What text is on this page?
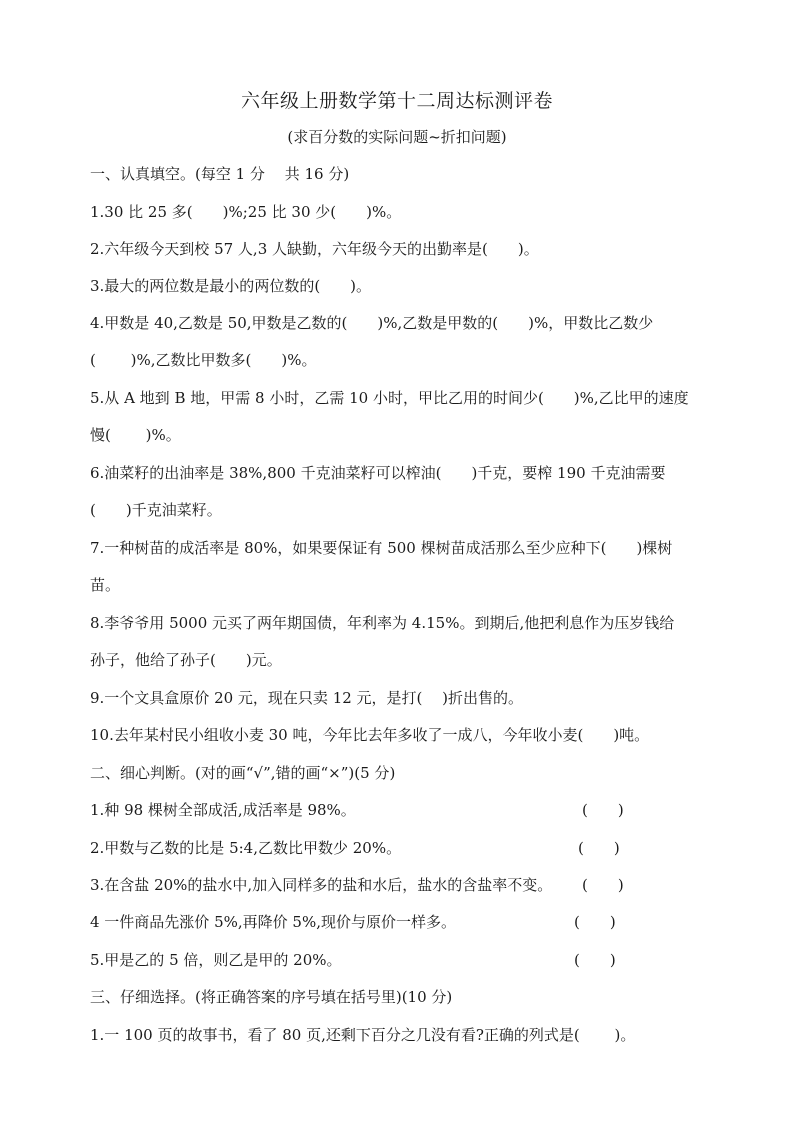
六年级上册数学第十二周达标测评卷
(求百分数的实际问题~折扣问题)
一、认真填空。(每空 1 分　 共 16 分)
1.30 比 25 多(　　)%;25 比 30 少(　　)%。
2.六年级今天到校 57 人,3 人缺勤，六年级今天的出勤率是(　　)。
3.最大的两位数是最小的两位数的(　　)。
4.甲数是 40,乙数是 50,甲数是乙数的(　　)%,乙数是甲数的(　　)%，甲数比乙数少
(　　 )%,乙数比甲数多(　　)%。
5.从 A 地到 B 地，甲需 8 小时，乙需 10 小时，甲比乙用的时间少(　　)%,乙比甲的速度
慢(　　 )%。
6.油菜籽的出油率是 38%,800 千克油菜籽可以榨油(　　)千克，要榨 190 千克油需要
(　　)千克油菜籽。
7.一种树苗的成活率是 80%，如果要保证有 500 棵树苗成活那么至少应种下(　　)棵树
苗。
8.李爷爷用 5000 元买了两年期国债，年利率为 4.15%。到期后,他把利息作为压岁钱给
孙子，他给了孙子(　　)元。
9.一个文具盒原价 20 元，现在只卖 12 元，是打(　 )折出售的。
10.去年某村民小组收小麦 30 吨，今年比去年多收了一成八，今年收小麦(　　)吨。
二、细心判断。(对的画“√”,错的画“×”)(5 分)
1.种 98 棵树全部成活,成活率是 98%。	(　　)
2.甲数与乙数的比是 5:4,乙数比甲数少 20%。	(　　)
3.在含盐 20%的盐水中,加入同样多的盐和水后，盐水的含盐率不变。	(　　)
4 一件商品先涨价 5%,再降价 5%,现价与原价一样多。	(　　)
5.甲是乙的 5 倍，则乙是甲的 20%。	(　　)
三、仔细选择。(将正确答案的序号填在括号里)(10 分)
1.一 100 页的故事书，看了 80 页,还剩下百分之几没有看?正确的列式是(　　 )。
